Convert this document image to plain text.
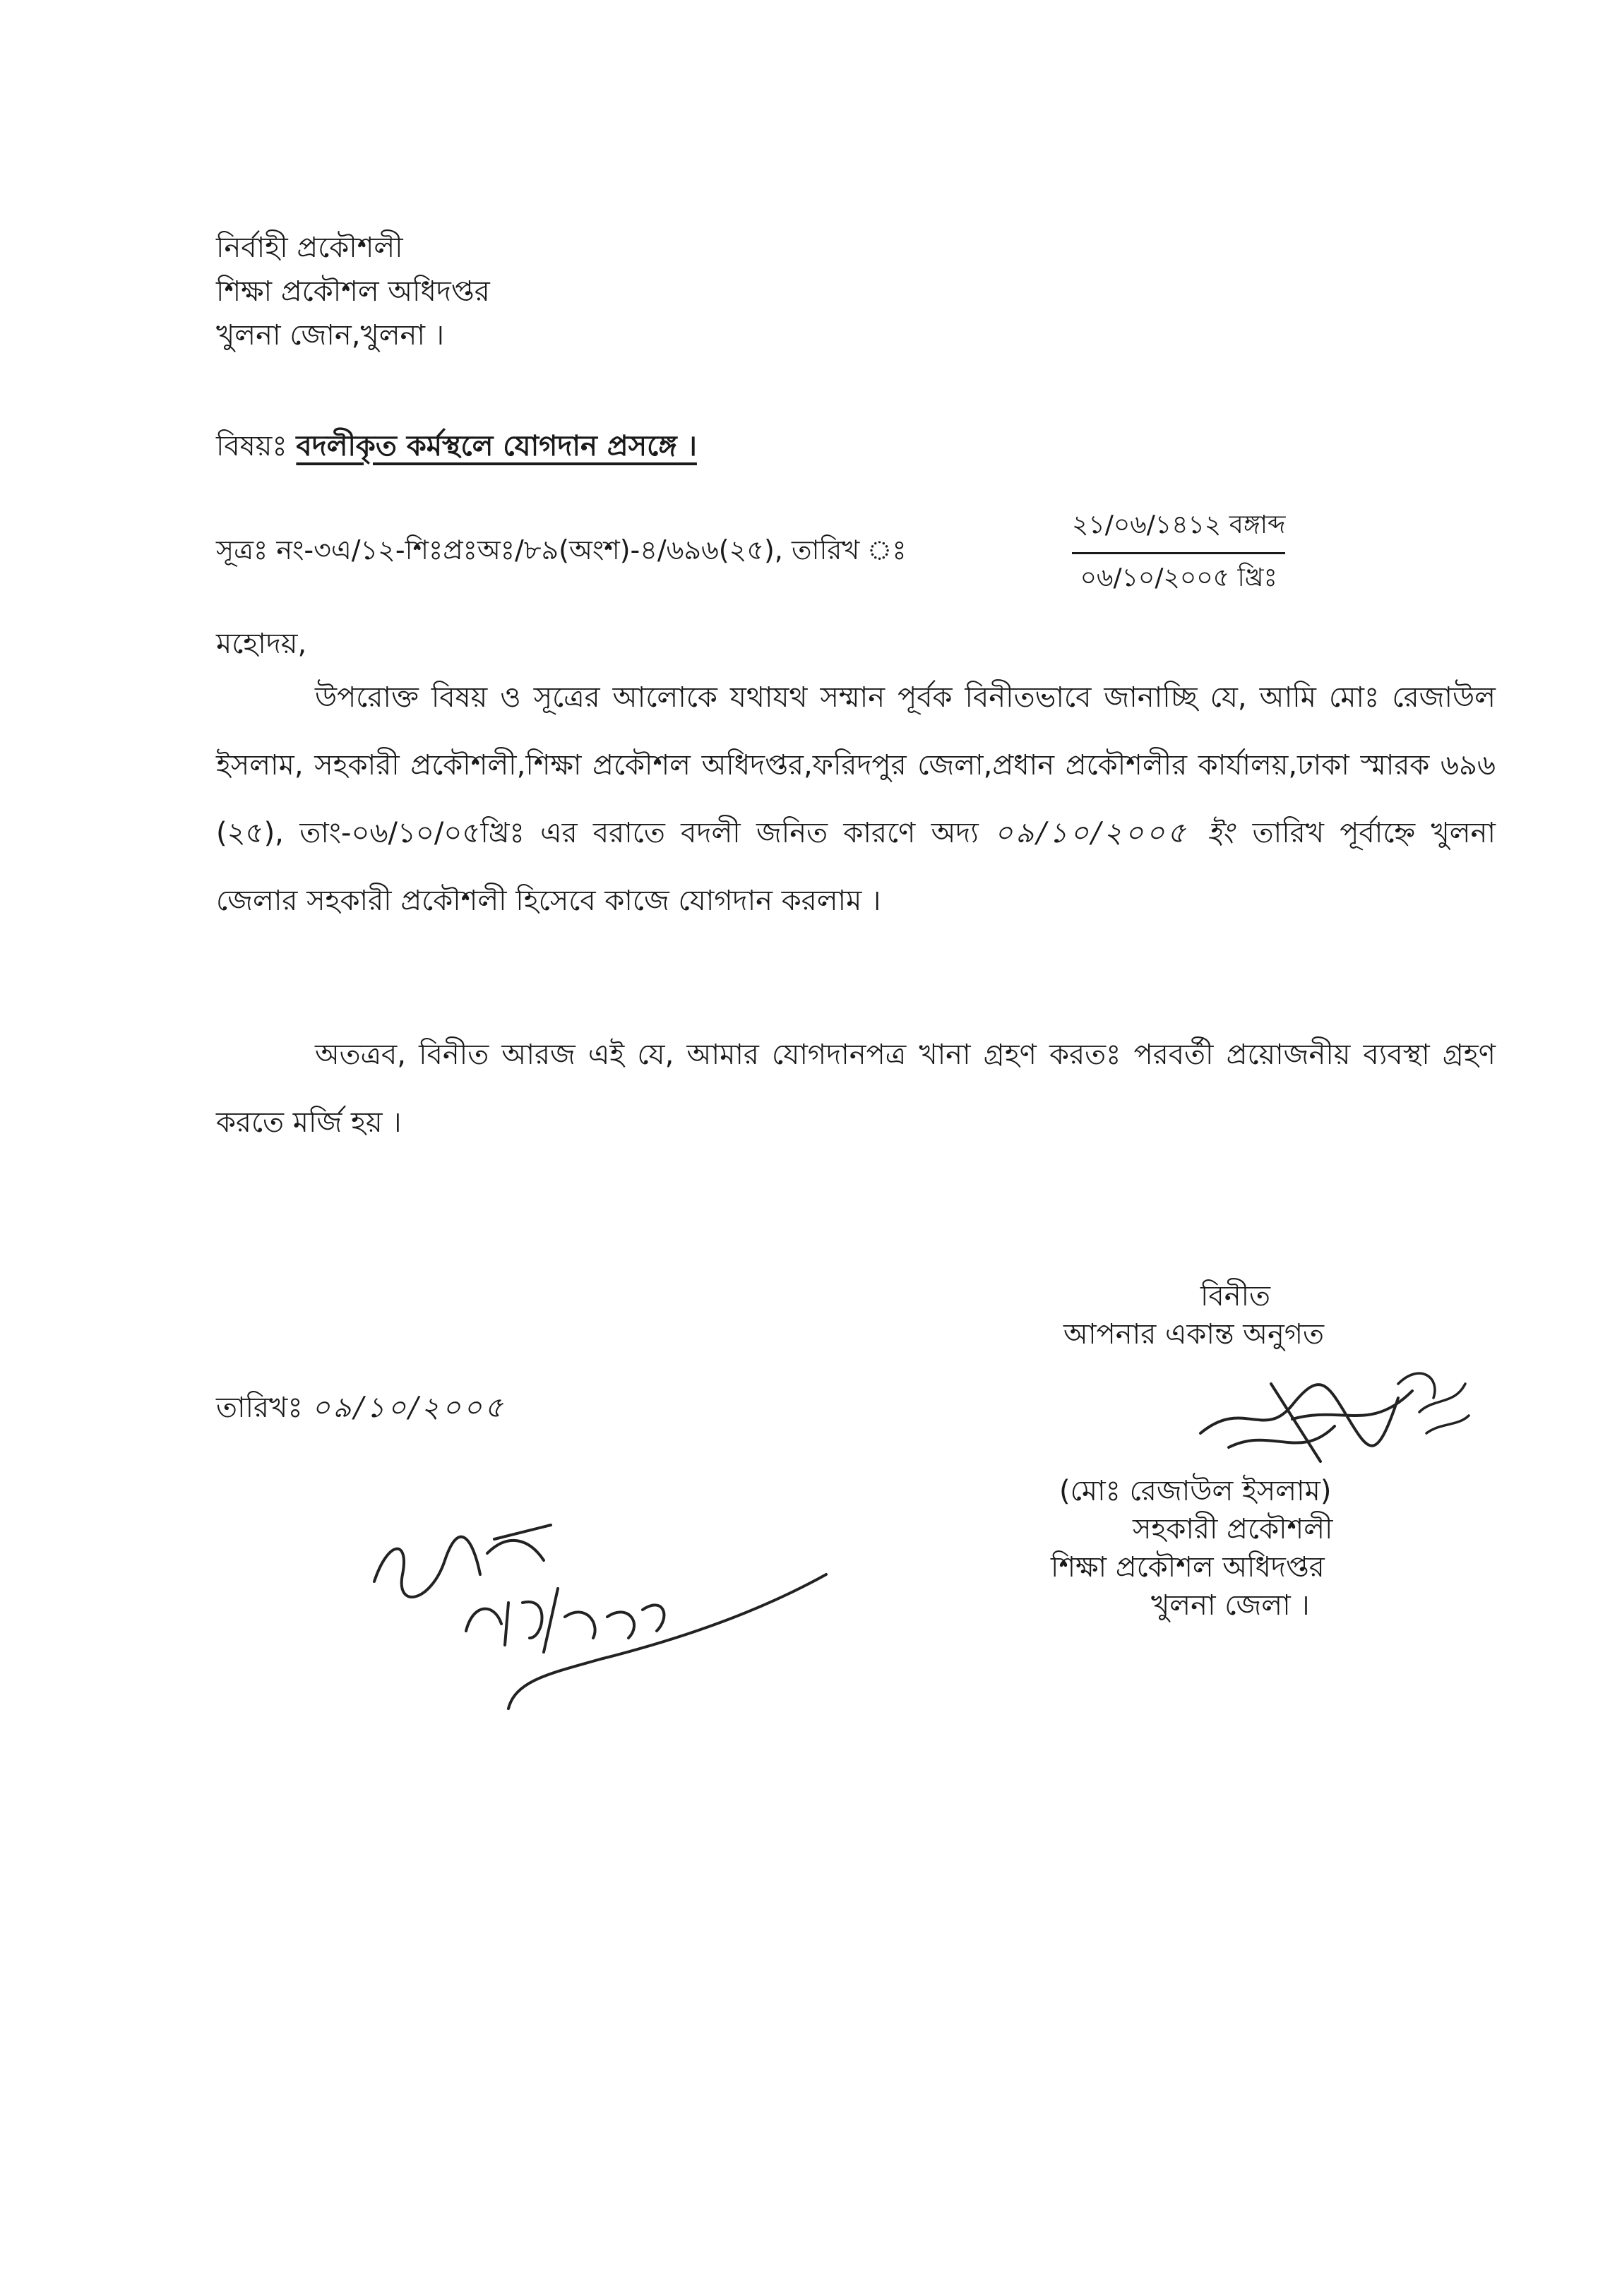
নির্বাহী প্রকৌশলী
শিক্ষা প্রকৌশল অধিদপ্তর
খুলনা জোন,খুলনা ।
বিষয়ঃ বদলীকৃত কর্মস্থলে যোগদান প্রসঙ্গে ।
সূত্রঃ নং-৩এ/১২-শিঃপ্রঃঅঃ/৮৯(অংশ)-৪/৬৯৬(২৫), তারিখ ঃ
২১/০৬/১৪১২ বঙ্গাব্দ
০৬/১০/২০০৫ খ্রিঃ
মহোদয়,
উপরোক্ত বিষয় ও সূত্রের আলোকে যথাযথ সম্মান পূর্বক বিনীতভাবে জানাচ্ছি যে, আমি মোঃ রেজাউল ইসলাম, সহকারী প্রকৌশলী,শিক্ষা প্রকৌশল অধিদপ্তর,ফরিদপুর জেলা,প্রধান প্রকৌশলীর কার্যালয়,ঢাকা স্মারক ৬৯৬ (২৫), তাং-০৬/১০/০৫খ্রিঃ এর বরাতে বদলী জনিত কারণে অদ্য ০৯/১০/২০০৫ ইং তারিখ পূর্বাহ্নে খুলনা জেলার সহকারী প্রকৌশলী হিসেবে কাজে যোগদান করলাম ।
অতত্রব, বিনীত আরজ এই যে, আমার যোগদানপত্র খানা গ্রহণ করতঃ পরবর্তী প্রয়োজনীয় ব্যবস্থা গ্রহণ করতে মর্জি হয় ।
বিনীত
আপনার একান্ত অনুগত
তারিখঃ ০৯/১০/২০০৫
(মোঃ রেজাউল ইসলাম)
সহকারী প্রকৌশলী
শিক্ষা প্রকৌশল অধিদপ্তর
খুলনা জেলা ।
